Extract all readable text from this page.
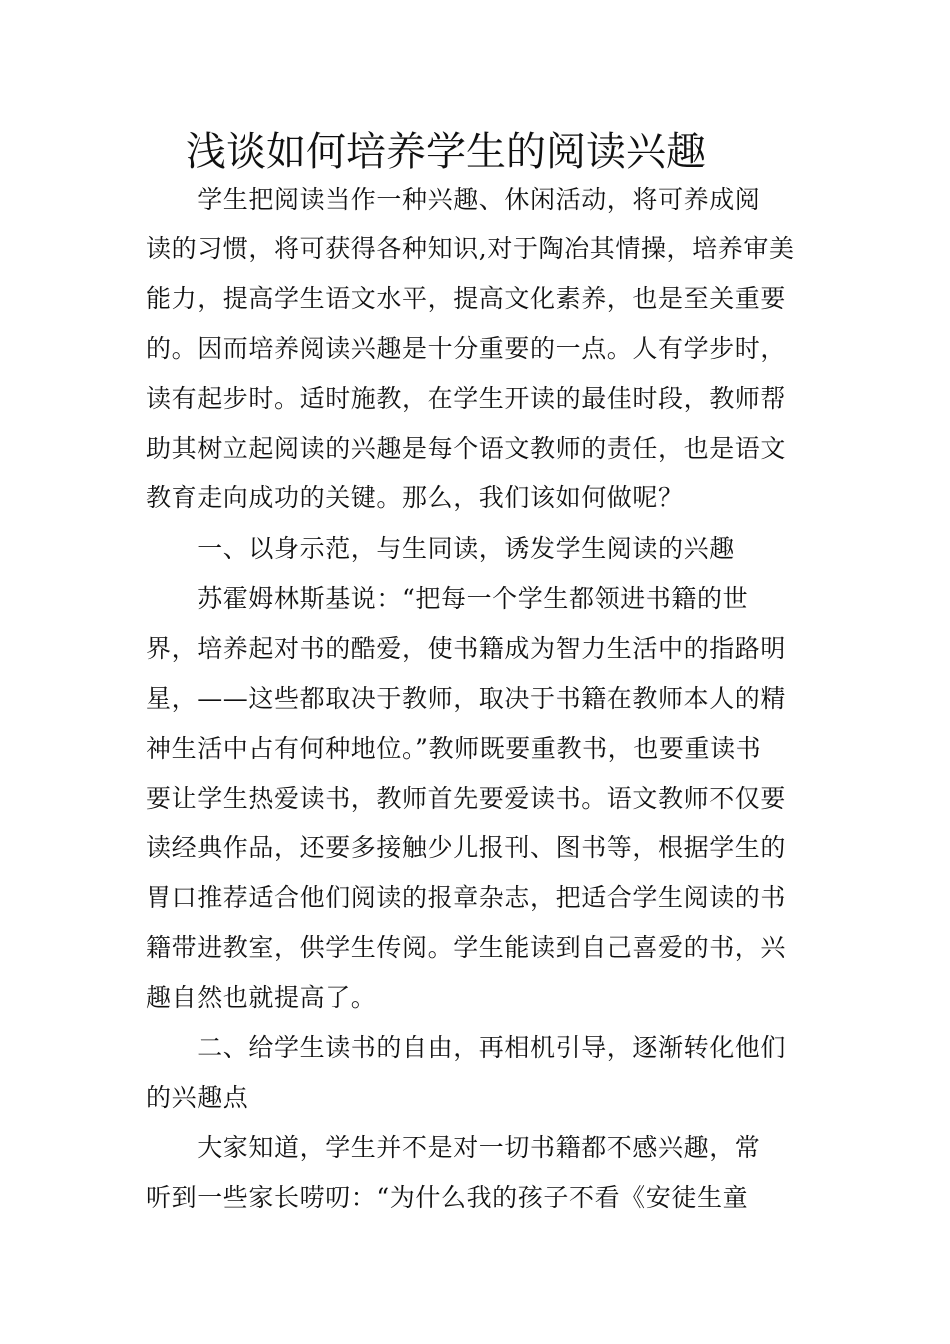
浅谈如何培养学生的阅读兴趣
　　学生把阅读当作一种兴趣、休闲活动，将可养成阅
读的习惯，将可获得各种知识,对于陶冶其情操，培养审美
能力，提高学生语文水平，提高文化素养，也是至关重要
的。因而培养阅读兴趣是十分重要的一点。人有学步时，
读有起步时。适时施教，在学生开读的最佳时段，教师帮
助其树立起阅读的兴趣是每个语文教师的责任，也是语文
教育走向成功的关键。那么，我们该如何做呢？
　　一、以身示范，与生同读，诱发学生阅读的兴趣
　　苏霍姆林斯基说：“把每一个学生都领进书籍的世
界，培养起对书的酷爱，使书籍成为智力生活中的指路明
星，——这些都取决于教师，取决于书籍在教师本人的精
神生活中占有何种地位。”教师既要重教书，也要重读书
要让学生热爱读书，教师首先要爱读书。语文教师不仅要
读经典作品，还要多接触少儿报刊、图书等，根据学生的
胃口推荐适合他们阅读的报章杂志，把适合学生阅读的书
籍带进教室，供学生传阅。学生能读到自己喜爱的书，兴
趣自然也就提高了。
　　二、给学生读书的自由，再相机引导，逐渐转化他们
的兴趣点
　　大家知道，学生并不是对一切书籍都不感兴趣，常
听到一些家长唠叨：“为什么我的孩子不看《安徒生童
